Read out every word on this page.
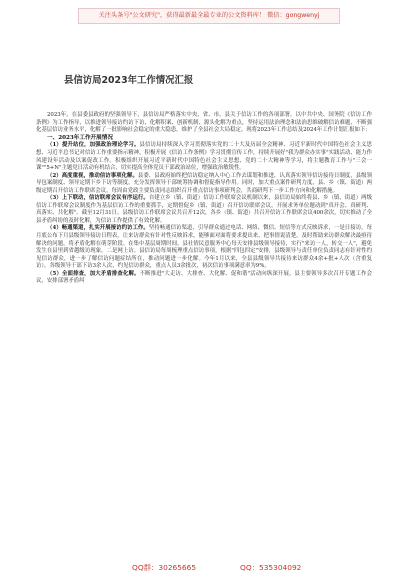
关注头条号"公文研究"，获得最新最全最专业的公文资料库！ 微信：gongwenyj
县信访局2023年工作情况汇报

2023年，在县委县政府的坚强领导下，县信访局严格落实中央、省、市、县关于信访工作的各项部署。以中共中央、国务院《信访工作条例》为工作指导，以推进领导接访约访下访、化解积案、创新机制、源头化解为重点，坚持运用法治理念和法治思维破解信访难题，不断强化基层信访业务水平，化解了一批影响社会稳定的重大隐患，维护了全县社会大局稳定。现将2023年工作总结及2024年工作计划汇报如下：

一、2023年工作开展情况

（1）提升站位，加强政治理论学习。县信访局持续深入学习贯彻落实党的二十大及历届全会精神、习近平新时代中国特色社会主义思想、习近平总书记对信访工作重要指示精神，积极开展《信访工作条例》学习贯彻宣传工作，持续开展好"我为群众办实事"实践活动、能力作风建设年活动及以案促改工作。积极组织开展习近平新时代中国特色社会主义思想、党的二十大精神等学习，将主题教育工作与"三会一课""5+N"主题党日活动有机结合，切实提高全体党员干部政治站位，增强政治敏锐性。

（2）高度重视，推动信访事项化解。县委、县政府始终把信访稳定纳入中心工作去谋划和推进，认真落实领导信访接待日制度，县级领导包案制度、领导定期下乡下访等制度，充分发挥领导干部统筹协调和督促指导作用。同时，加大重点案件研判力度，县、乡（镇、街道）两级定期召开信访工作联席会议，每周由党政主要负责同志组织召开重点信访事项研判会，共商研判下一步工作方向和化解措施。

（3）上下联动，信访联席会议有序运行。自建立乡（镇、街道）信访工作联席会议机制以来，县信访局始终将县、乡（镇、街道）两级信访工作联席会议制度作为基层信访工作的重要抓手，定期督促乡（镇、街道）召开信访联席会议，开展求务单位题动到"真开会、真研判、真落实、共化解"。截至12月31日，县级信访工作联席会议共召开12次，各乡（镇、街道）共召开信访工作联席会议400余次，切实推动了全县矛盾纠纷的及时化解，为信访工作提供了有效化解。

（4）畅通渠道，扎实开展接访约访工作。坚持畅通信访渠道，引导群众通过电话、网络、微信、短信等方式反映诉求，一是日接访。每月底公布下月县级领导接访日程表，让来访群众有针对性反映诉求，能够面对面将要求提出来，把事情说清楚，及时帮助来访群众解决最亟待解决的问题，将矛盾化解在萌芽阶段。在集中基层周期时间，县社情民意服务中心每天安排县级领导接待，实行"来访一人，转交一人"，避免发生在县里到省越级访现象。二是网上访。县信访局每周梳理重点信访事项，根据"四包四定"安排，县级领导与责任单位负责同志有针对性约见信访群众，进一步了解信访问题症结所在，推动问题进一步化解。今年1月以来，全县县级领导共接待来访群众4余+批+人次（含重复访），各级领导干部下访3余人次，约见信访群众，重点人员3余批次，初次信访事项满意率为9%。

（5）全面排查，加大矛盾排查化解。不断推进"大走访、大排查、大化解、促和谐"活动向纵深开展。县主要领导多次召开专题工作会议，安排部署矛盾纠

QQ群：30265665	QQ：535304092
